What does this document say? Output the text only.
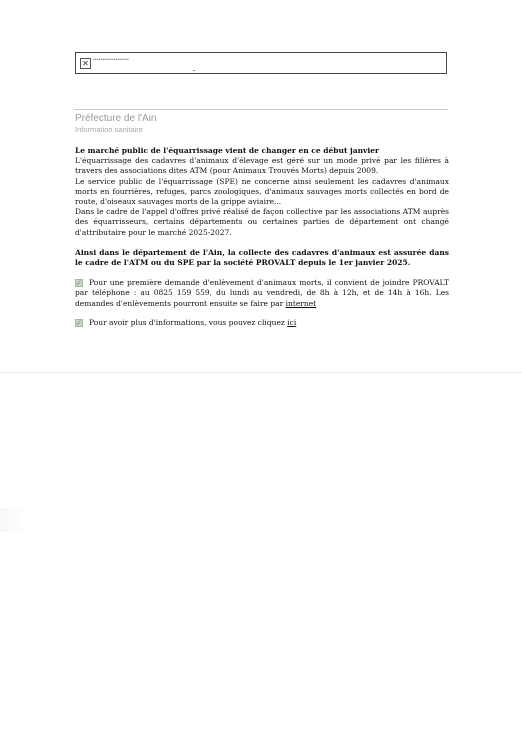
✕	▪▪▪▪▪▪▪▪▪▪▪▪▪▪▪▪▪▪▪
Préfecture de l'Ain
Information sanitaire

Le marché public de l'équarrissage vient de changer en ce début janvier

L'équarrissage des cadavres d'animaux d'élevage est géré sur un mode privé par les filières à travers des associations dites ATM (pour Animaux Trouvés Morts) depuis 2009.

Le service public de l'équarrissage (SPE) ne concerne ainsi seulement les cadavres d'animaux morts en fourrières, refuges, parcs zoologiques, d'animaux sauvages morts collectés en bord de route, d'oiseaux sauvages morts de la grippe aviaire...

Dans le cadre de l'appel d'offres privé réalisé de façon collective par les associations ATM auprès des équarrisseurs, certains départements ou certaines parties de département ont changé d'attributaire pour le marché 2025-2027.

Ainsi dans le département de l'Ain, la collecte des cadavres d'animaux est assurée dans le cadre de l'ATM ou du SPE par la société PROVALT depuis le 1er janvier 2025.

✓ Pour une première demande d'enlèvement d'animaux morts, il convient de joindre PROVALT par téléphone : au 0825 159 559, du lundi au vendredi, de 8h à 12h, et de 14h à 16h. Les demandes d'enlèvements pourront ensuite se faire par internet

✓ Pour avoir plus d'informations, vous pouvez cliquez ici
